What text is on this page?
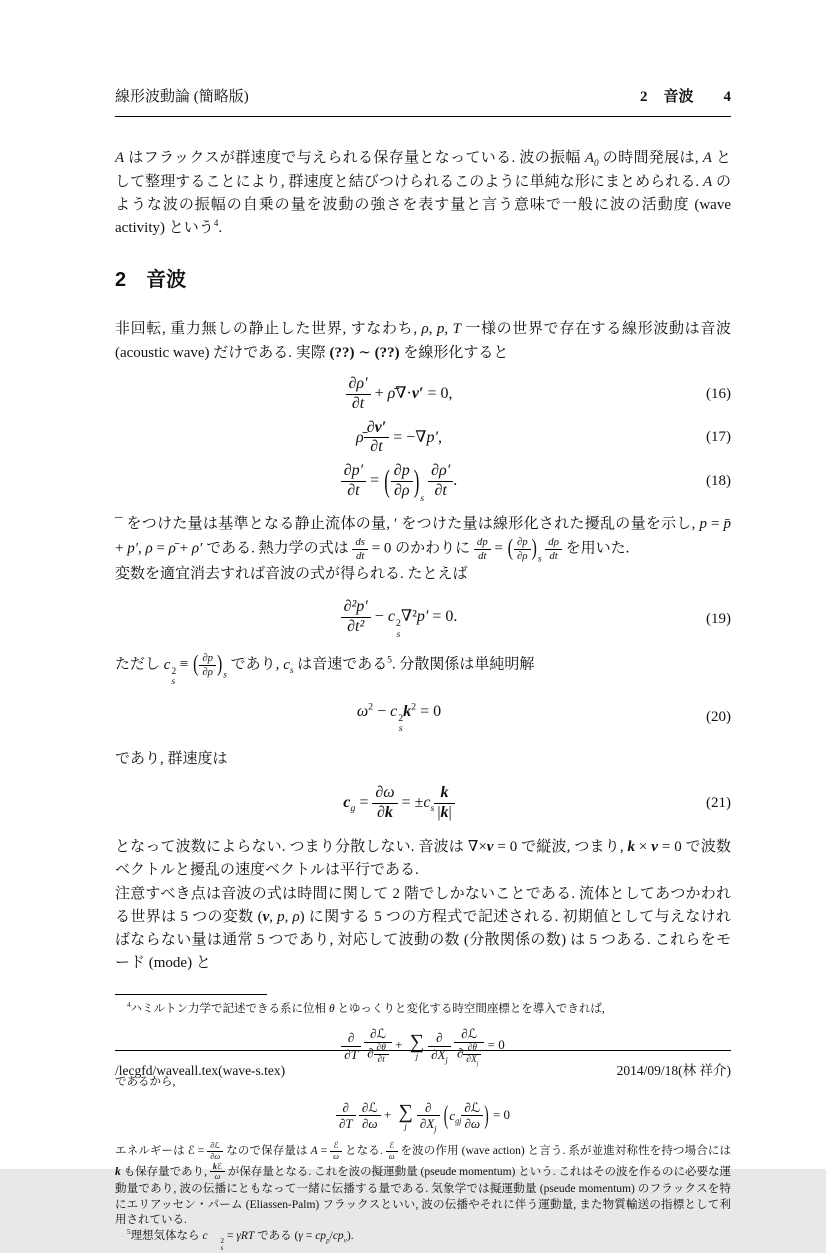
線形波動論 (簡略版)	2 音波 4

A はフラックスが群速度で与えられる保存量となっている. 波の振幅 $A_0$ の時間発展は, A として整理することにより, 群速度と結びつけられるこのように単純な形にまとめられる. A のような波の振幅の自乗の量を波動の強さを表す量と言う意味で一般に波の活動度 (wave activity) という$^4$.

2 音波

非回転, 重力無しの静止した世界, すなわち, ρ, p, T 一様の世界で存在する線形波動は音波 (acoustic wave) だけである. 実際 (??) ∼ (??) を線形化すると

$\frac{\partial\rho'}{\partial t}$ + ρ̄∇·v′ = 0,	(16)
ρ̄ $\frac{\partial v'}{\partial t} = -\nabla p'$,	(17)
$\frac{\partial p'}{\partial t}$ = ( $\frac{\partial p}{\partial\rho}$ ) s
$\frac{\partial\rho'}{\partial t}$ .	(18)

¯ をつけた量は基準となる静止流体の量, ′ をつけた量は線形化された擾乱の量を示し, p = p̄ + p′, ρ = ρ̄ + ρ′ である. 熱力学の式は $\frac{ds}{dt} = 0$ のかわりに $\frac{dp}{dt}$ = ( $\frac{\partial p}{\partial\rho}$ ) s
$\frac{d\rho}{dt}$ を用いた.

変数を適宜消去すれば音波の式が得られる. たとえば

$\frac{\text{∂²p′}}{\text{∂t²}} - c$ 2
s
∇²p′ = 0.	(19)

ただし c 2
s
≡ ( $\frac{\partial p}{\partial\rho}$ ) s
であり, $c_s$ は音速である$^5$. 分散関係は単純明解

$\omega^2 - c$ 2
s
$k^2 = 0$	(20)

であり, 群速度は

$c_g = \frac{\partial\omega}{\partial k} = \pm c_s \frac{k}{|k|}$	(21)

となって波数によらない. つまり分散しない. 音波は ∇×v = 0 で縦波, つまり, k × v = 0 で波数ベクトルと擾乱の速度ベクトルは平行である.

注意すべき点は音波の式は時間に関して 2 階でしかないことである. 流体としてあつかわれる世界は 5 つの変数 (v, p, ρ) に関する 5 つの方程式で記述される. 初期値として与えなければならない量は通常 5 つであり, 対応して波動の数 (分散関係の数) は 5 つある. これらをモード (mode) と

$^4$ハミルトン力学で記述できる系に位相 θ とゆっくりと変化する時空間座標とを導入できれば,

$\frac{\partial}{\partial T}$
$\frac{\text{∂ℒ}}{\partial \frac{\partial\theta}{\partial t}}$ + ∑
j $\frac{\partial}{\partial X_j}$
$\frac{\text{∂ℒ}}{\partial \frac{\partial\theta}{\partial X_j}} = 0$

であるから,

$\frac{\partial}{\partial T}$
$\frac{\text{∂ℒ}}{\partial\omega}$ + ∑
j $\frac{\partial}{\partial X_j}$
( $c_{gj} \frac{\text{∂ℒ}}{\partial\omega}$ ) = 0

エネルギーは ℰ = $\frac{\text{∂ℒ}}{\partial\omega}$ なので保存量は $A = \frac{\text{ℰ}}{\omega}$ となる. $\frac{\text{ℰ}}{\omega}$ を波の作用 (wave action) と言う. 系が並進対称性を持つ場合には k も保存量であり, $\frac{\text{kℰ}}{\omega}$ が保存量となる. これを波の擬運動量 (pseude momentum) という. これはその波を作るのに必要な運動量であり, 波の伝播にともなって一緒に伝播する量である. 気象学では擬運動量 (pseude momentum) のフラックスを特にエリアッセン・パーム (Eliassen-Palm) フラックスといい, 波の伝播やそれに伴う運動量, また物質輸送の指標として利用されている.

$^5$理想気体なら c	2
s
= γRT である $(\gamma = cp_p/cp_v)$.

/lecgfd/waveall.tex(wave-s.tex)	2014/09/18(林 祥介)
